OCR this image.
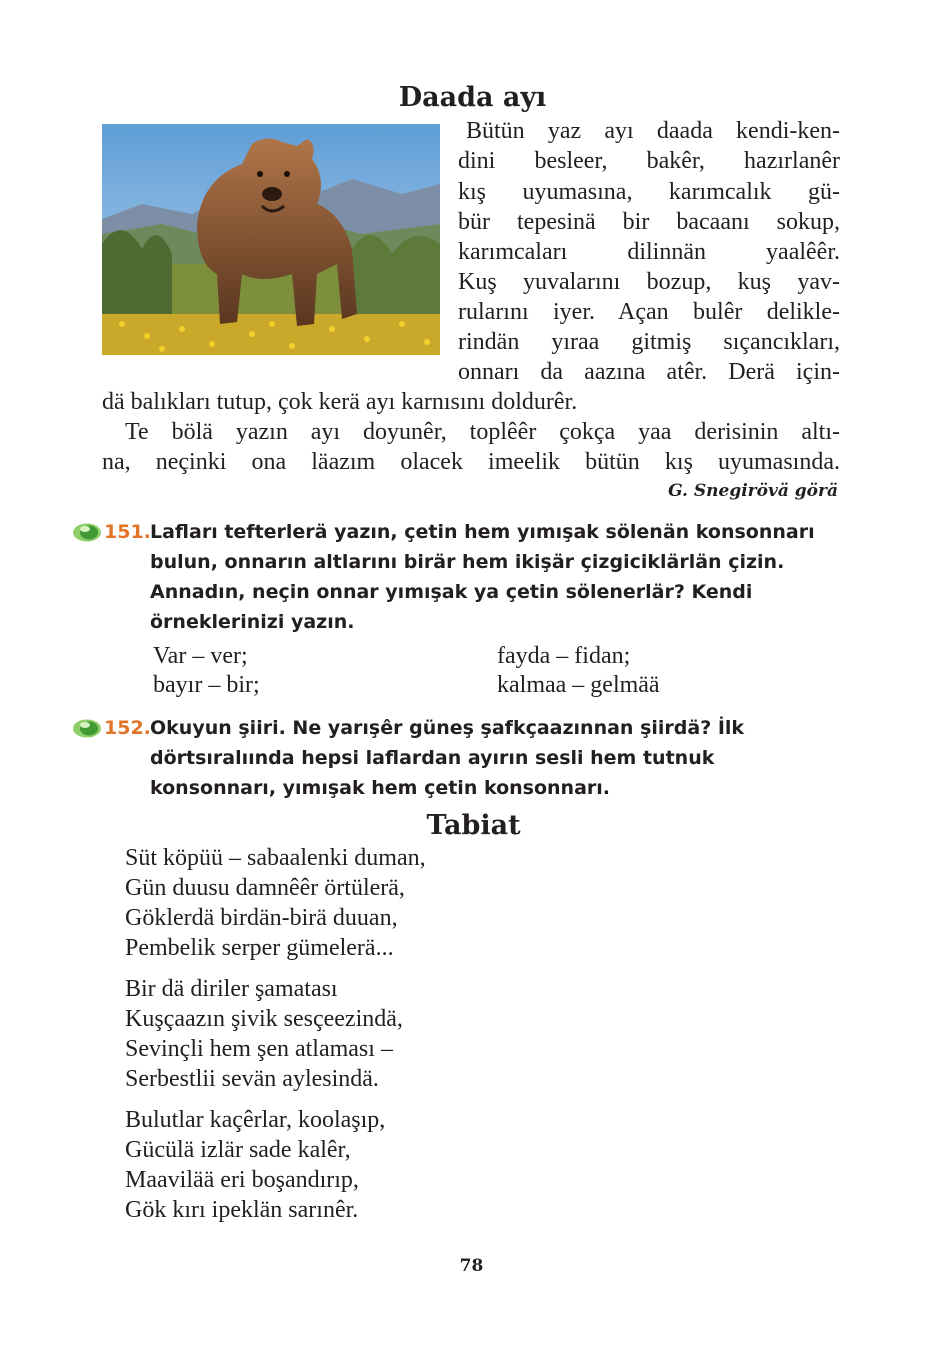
Daada ayı
Bütün yaz ayı daada kendi-ken-
dini besleer, bakêr, hazırlanêr
kış uyumasına, karımcalık gü-
bür tepesinä bir bacaanı sokup,
karımcaları dilinnän yaalêêr.
Kuş yuvalarını bozup, kuş yav-
rularını iyer. Açan bulêr delikle-
rindän yıraa gitmiş sıçancıkları,
onnarı da aazına atêr. Derä için-
dä balıkları tutup, çok kerä ayı karnısını doldurêr.
Te bölä yazın ayı doyunêr, toplêêr çokça yaa derisinin altı-
na, neçinki ona läazım olacek imeelik bütün kış uyumasında.
G. Snegirövä görä
151. Lafları tefterlerä yazın, çetin hem yımışak sölenän konsonnarı
bulun, onnarın altlarını birär hem ikişär çizgiciklärlän çizin.
Annadın, neçin onnar yımışak ya çetin sölenerlär? Kendi
örneklerinizi yazın.
Var – ver;	fayda – fidan;
bayır – bir;	kalmaa – gelmää
152. Okuyun şiiri. Ne yarışêr güneş şafkçaazınnan şiirdä? İlk
dörtsıralıında hepsi laflardan ayırın sesli hem tutnuk
konsonnarı, yımışak hem çetin konsonnarı.
Tabiat
Süt köpüü – sabaalenki duman,
Gün duusu damnêêr örtülerä,
Göklerdä birdän-birä duuan,
Pembelik serper gümelerä...
Bir dä diriler şamatası
Kuşçaazın şivik sesçeezindä,
Sevinçli hem şen atlaması –
Serbestlii sevän aylesindä.
Bulutlar kaçêrlar, koolaşıp,
Gücülä izlär sade kalêr,
Maavilää eri boşandırıp,
Gök kırı ipeklän sarınêr.
78
